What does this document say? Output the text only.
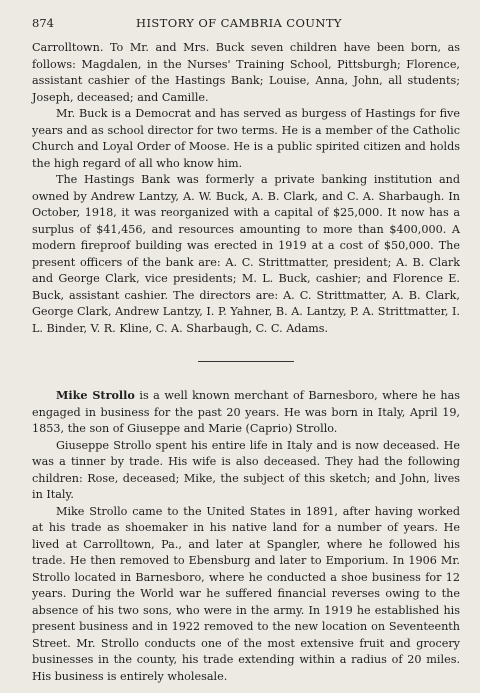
874	HISTORY OF CAMBRIA COUNTY

Carrolltown. To Mr. and Mrs. Buck seven children have been born, as follows: Magdalen, in the Nurses' Training School, Pittsburgh; Florence, assistant cashier of the Hastings Bank; Louise, Anna, John, all students; Joseph, deceased; and Camille.

Mr. Buck is a Democrat and has served as burgess of Hastings for five years and as school director for two terms. He is a member of the Catholic Church and Loyal Order of Moose. He is a public spirited citizen and holds the high regard of all who know him.

The Hastings Bank was formerly a private banking institution and owned by Andrew Lantzy, A. W. Buck, A. B. Clark, and C. A. Sharbaugh. In October, 1918, it was reorganized with a capital of $25,000. It now has a surplus of $41,456, and resources amounting to more than $400,000. A modern fireproof building was erected in 1919 at a cost of $50,000. The present officers of the bank are: A. C. Strittmatter, president; A. B. Clark and George Clark, vice presidents; M. L. Buck, cashier; and Florence E. Buck, assistant cashier. The directors are: A. C. Strittmatter, A. B. Clark, George Clark, Andrew Lantzy, I. P. Yahner, B. A. Lantzy, P. A. Strittmatter, I. L. Binder, V. R. Kline, C. A. Sharbaugh, C. C. Adams.

Mike Strollo is a well known merchant of Barnesboro, where he has engaged in business for the past 20 years. He was born in Italy, April 19, 1853, the son of Giuseppe and Marie (Caprio) Strollo.

Giuseppe Strollo spent his entire life in Italy and is now deceased. He was a tinner by trade. His wife is also deceased. They had the following children: Rose, deceased; Mike, the subject of this sketch; and John, lives in Italy.

Mike Strollo came to the United States in 1891, after having worked at his trade as shoemaker in his native land for a number of years. He lived at Carrolltown, Pa., and later at Spangler, where he followed his trade. He then removed to Ebensburg and later to Emporium. In 1906 Mr. Strollo located in Barnesboro, where he conducted a shoe business for 12 years. During the World war he suffered financial reverses owing to the absence of his two sons, who were in the army. In 1919 he established his present business and in 1922 removed to the new location on Seventeenth Street. Mr. Strollo conducts one of the most extensive fruit and grocery businesses in the county, his trade extending within a radius of 20 miles. His business is entirely wholesale.
